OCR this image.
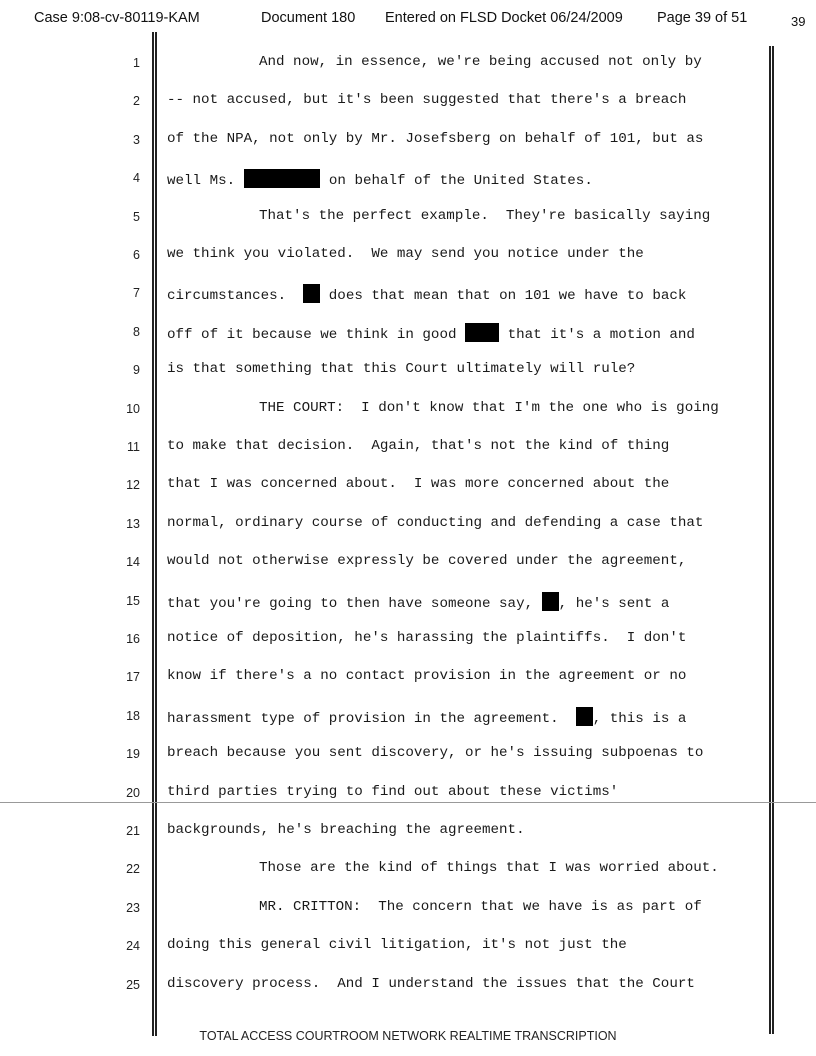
Case 9:08-cv-80119-KAM	Document 180 Entered on FLSD Docket 06/24/2009 Page 39 of 51	39
1	And now, in essence, we're being accused not only by
2 -- not accused, but it's been suggested that there's a breach
3 of the NPA, not only by Mr. Josefsberg on behalf of 101, but as
4 well Ms.	on behalf of the United States.
5	That's the perfect example.  They're basically saying
6 we think you violated.  We may send you notice under the
7 circumstances.   does that mean that on 101 we have to back
8 off of it because we think in good  that it's a motion and
9 is that something that this Court ultimately will rule?
10	THE COURT:  I don't know that I'm the one who is going
11 to make that decision.  Again, that's not the kind of thing
12 that I was concerned about.  I was more concerned about the
13 normal, ordinary course of conducting and defending a case that
14 would not otherwise expressly be covered under the agreement,
15 that you're going to then have someone say, , he's sent a
16 notice of deposition, he's harassing the plaintiffs.  I don't
17 know if there's a no contact provision in the agreement or no
18 harassment type of provision in the agreement.  , this is a
19 breach because you sent discovery, or he's issuing subpoenas to
20 third parties trying to find out about these victims'
21 backgrounds, he's breaching the agreement.
22	Those are the kind of things that I was worried about.
23	MR. CRITTON:  The concern that we have is as part of
24 doing this general civil litigation, it's not just the
25 discovery process.  And I understand the issues that the Court
TOTAL ACCESS COURTROOM NETWORK REALTIME TRANSCRIPTION
